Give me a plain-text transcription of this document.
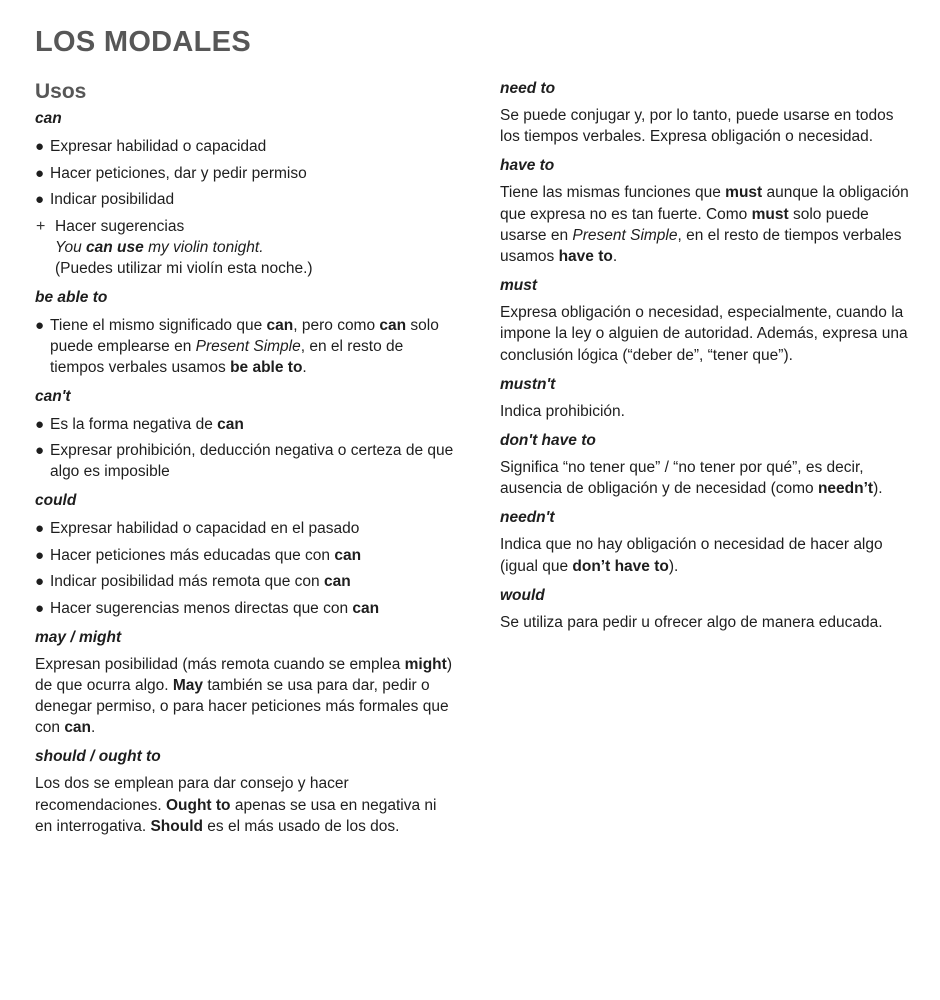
LOS MODALES
Usos
can
● Expresar habilidad o capacidad
● Hacer peticiones, dar y pedir permiso
● Indicar posibilidad
+ Hacer sugerencias
You can use my violin tonight.
(Puedes utilizar mi violín esta noche.)
be able to
● Tiene el mismo significado que can, pero como can solo puede emplearse en Present Simple, en el resto de tiempos verbales usamos be able to.
can't
● Es la forma negativa de can
● Expresar prohibición, deducción negativa o certeza de que algo es imposible
could
● Expresar habilidad o capacidad en el pasado
● Hacer peticiones más educadas que con can
● Indicar posibilidad más remota que con can
● Hacer sugerencias menos directas que con can
may / might

Expresan posibilidad (más remota cuando se emplea might) de que ocurra algo. May también se usa para dar, pedir o denegar permiso, o para hacer peticiones más formales que con can.

should / ought to

Los dos se emplean para dar consejo y hacer recomendaciones. Ought to apenas se usa en negativa ni en interrogativa. Should es el más usado de los dos.

need to

Se puede conjugar y, por lo tanto, puede usarse en todos los tiempos verbales. Expresa obligación o necesidad.

have to

Tiene las mismas funciones que must aunque la obligación que expresa no es tan fuerte. Como must solo puede usarse en Present Simple, en el resto de tiempos verbales usamos have to.

must

Expresa obligación o necesidad, especialmente, cuando la impone la ley o alguien de autoridad. Además, expresa una conclusión lógica (“deber de”, “tener que”).

mustn't

Indica prohibición.

don't have to

Significa “no tener que” / “no tener por qué”, es decir, ausencia de obligación y de necesidad (como needn’t).

needn't

Indica que no hay obligación o necesidad de hacer algo (igual que don’t have to).

would

Se utiliza para pedir u ofrecer algo de manera educada.
